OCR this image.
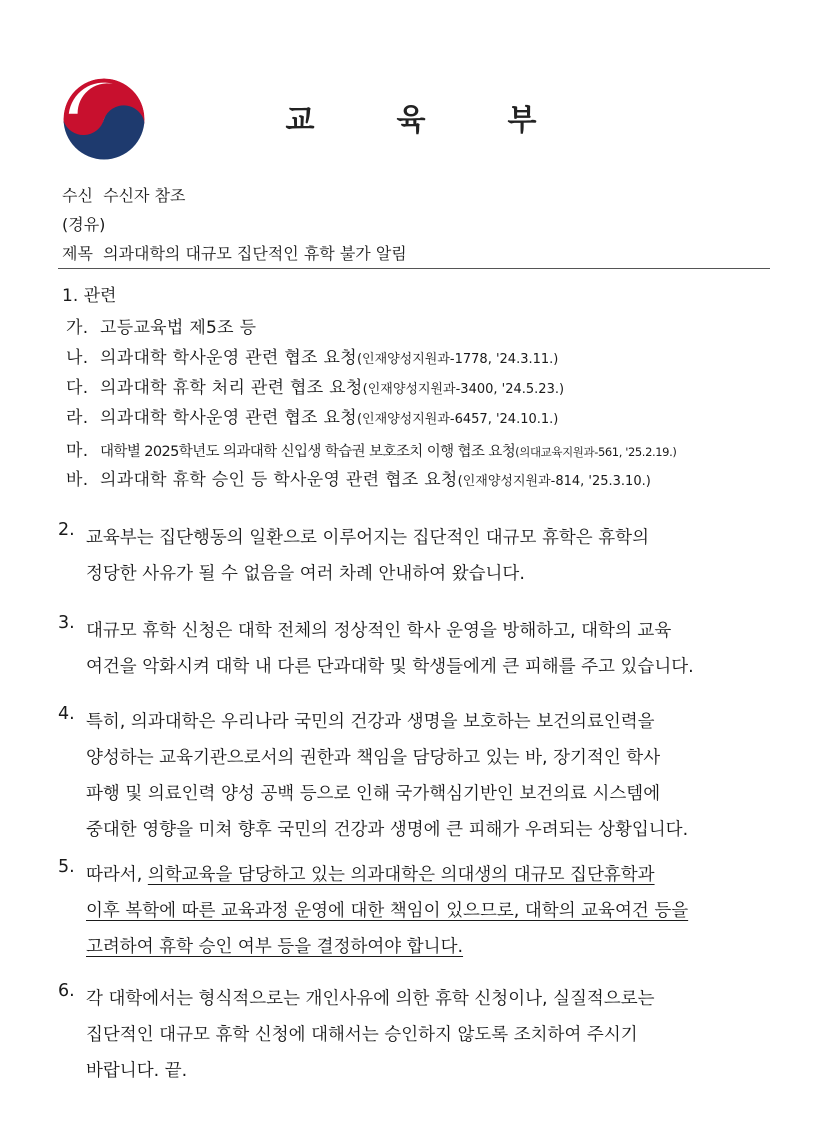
교	육	부
수신 수신자 참조
(경유)
제목 의과대학의 대규모 집단적인 휴학 불가 알림
1. 관련
가. 고등교육법 제5조 등
나. 의과대학 학사운영 관련 협조 요청(인재양성지원과-1778, '24.3.11.)
다. 의과대학 휴학 처리 관련 협조 요청(인재양성지원과-3400, '24.5.23.)
라. 의과대학 학사운영 관련 협조 요청(인재양성지원과-6457, '24.10.1.)
마. 대학별 2025학년도 의과대학 신입생 학습권 보호조치 이행 협조 요청(의대교육지원과-561, '25.2.19.)
바. 의과대학 휴학 승인 등 학사운영 관련 협조 요청(인재양성지원과-814, '25.3.10.)
2. 교육부는 집단행동의 일환으로 이루어지는 집단적인 대규모 휴학은 휴학의
정당한 사유가 될 수 없음을 여러 차례 안내하여 왔습니다.
3. 대규모 휴학 신청은 대학 전체의 정상적인 학사 운영을 방해하고, 대학의 교육
여건을 악화시켜 대학 내 다른 단과대학 및 학생들에게 큰 피해를 주고 있습니다.
4. 특히, 의과대학은 우리나라 국민의 건강과 생명을 보호하는 보건의료인력을
양성하는 교육기관으로서의 권한과 책임을 담당하고 있는 바, 장기적인 학사
파행 및 의료인력 양성 공백 등으로 인해 국가핵심기반인 보건의료 시스템에
중대한 영향을 미쳐 향후 국민의 건강과 생명에 큰 피해가 우려되는 상황입니다.
5. 따라서, 의학교육을 담당하고 있는 의과대학은 의대생의 대규모 집단휴학과
이후 복학에 따른 교육과정 운영에 대한 책임이 있으므로, 대학의 교육여건 등을
고려하여 휴학 승인 여부 등을 결정하여야 합니다.
6. 각 대학에서는 형식적으로는 개인사유에 의한 휴학 신청이나, 실질적으로는
집단적인 대규모 휴학 신청에 대해서는 승인하지 않도록 조치하여 주시기
바랍니다. 끝.
